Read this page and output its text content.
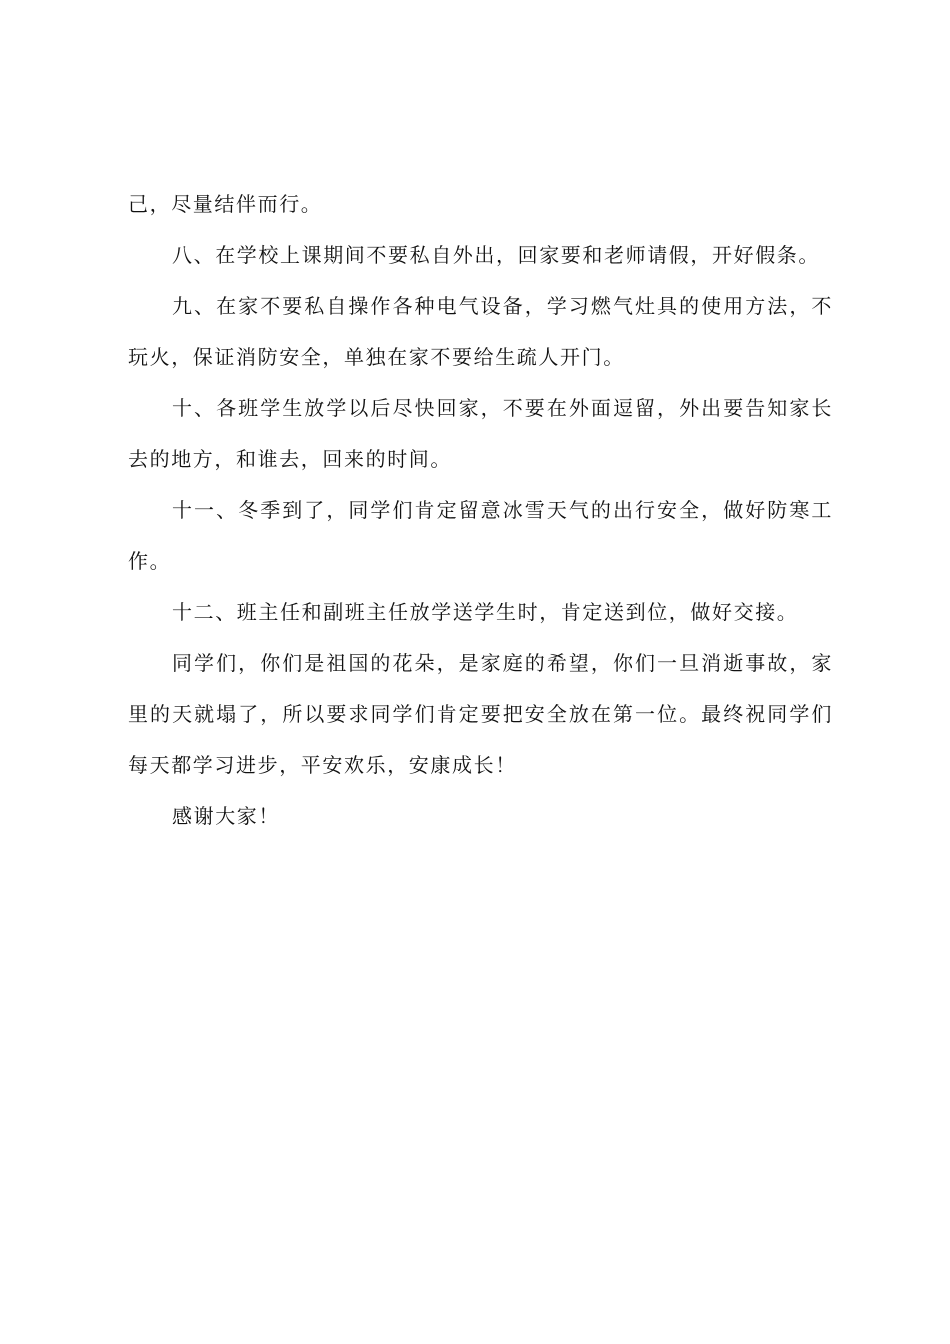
己，尽量结伴而行。

八、在学校上课期间不要私自外出，回家要和老师请假，开好假条。

九、在家不要私自操作各种电气设备，学习燃气灶具的使用方法，不玩火，保证消防安全，单独在家不要给生疏人开门。

十、各班学生放学以后尽快回家，不要在外面逗留，外出要告知家长去的地方，和谁去，回来的时间。

十一、冬季到了，同学们肯定留意冰雪天气的出行安全，做好防寒工作。

十二、班主任和副班主任放学送学生时，肯定送到位，做好交接。

同学们，你们是祖国的花朵，是家庭的希望，你们一旦消逝事故，家里的天就塌了，所以要求同学们肯定要把安全放在第一位。最终祝同学们每天都学习进步，平安欢乐，安康成长！

感谢大家！
